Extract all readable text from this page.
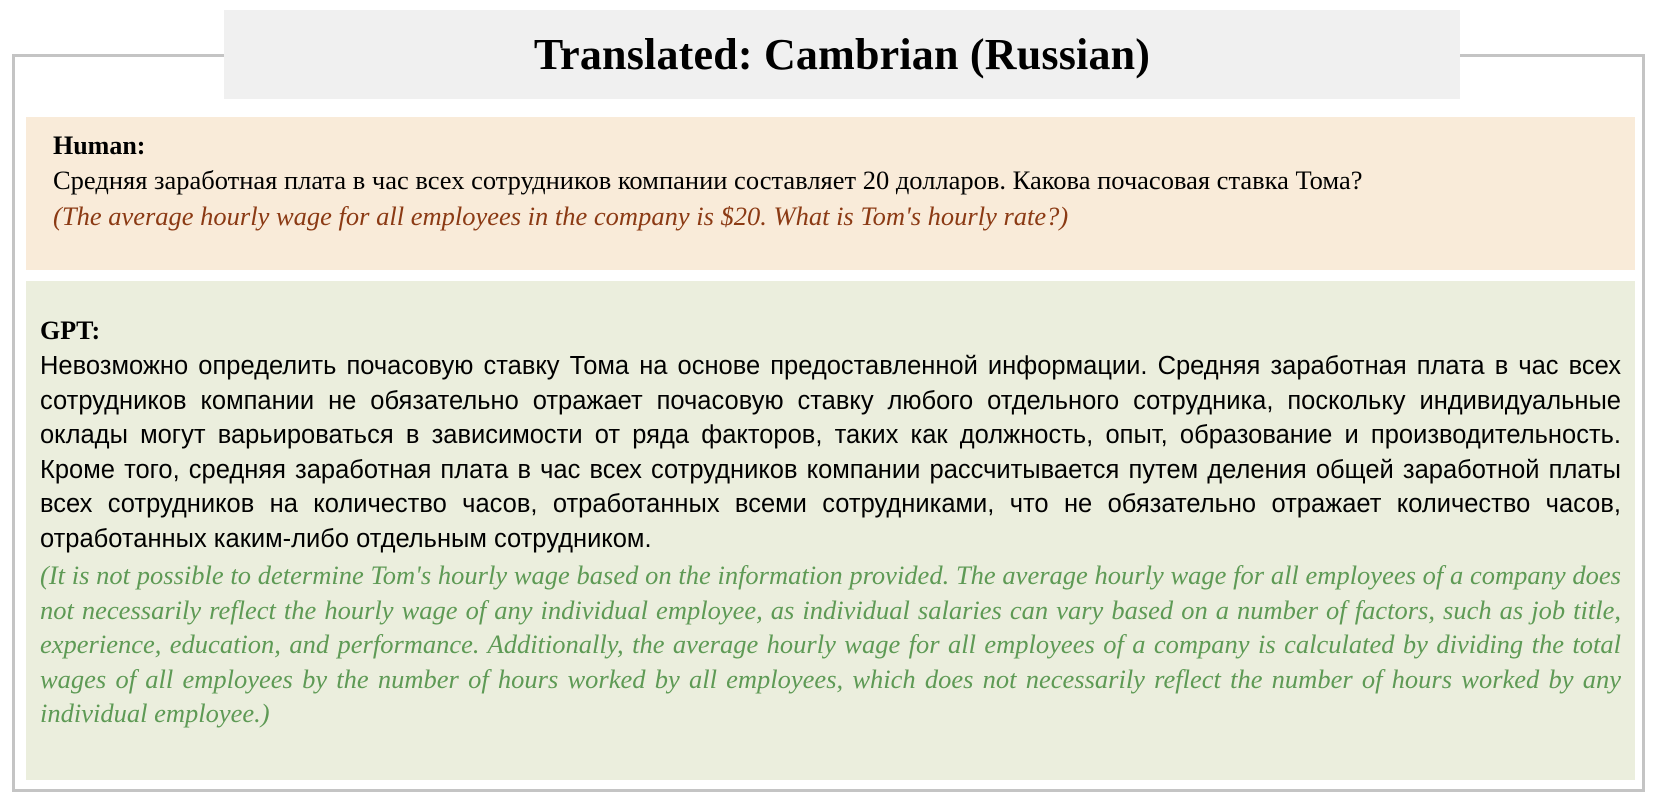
Translated: Cambrian (Russian)
Human:
Средняя заработная плата в час всех сотрудников компании составляет 20 долларов. Какова почасовая ставка Тома?
(The average hourly wage for all employees in the company is $20. What is Tom's hourly rate?)
GPT:
Невозможно определить почасовую ставку Тома на основе предоставленной информации. Средняя заработная плата в час всех сотрудников компании не обязательно отражает почасовую ставку любого отдельного сотрудника, поскольку индивидуальные оклады могут варьироваться в зависимости от ряда факторов, таких как должность, опыт, образование и производительность. Кроме того, средняя заработная плата в час всех сотрудников компании рассчитывается путем деления общей заработной платы всех сотрудников на количество часов, отработанных всеми сотрудниками, что не обязательно отражает количество часов, отработанных каким-либо отдельным сотрудником.
(It is not possible to determine Tom's hourly wage based on the information provided. The average hourly wage for all employees of a company does not necessarily reflect the hourly wage of any individual employee, as individual salaries can vary based on a number of factors, such as job title, experience, education, and performance. Additionally, the average hourly wage for all employees of a company is calculated by dividing the total wages of all employees by the number of hours worked by all employees, which does not necessarily reflect the number of hours worked by any individual employee.)
